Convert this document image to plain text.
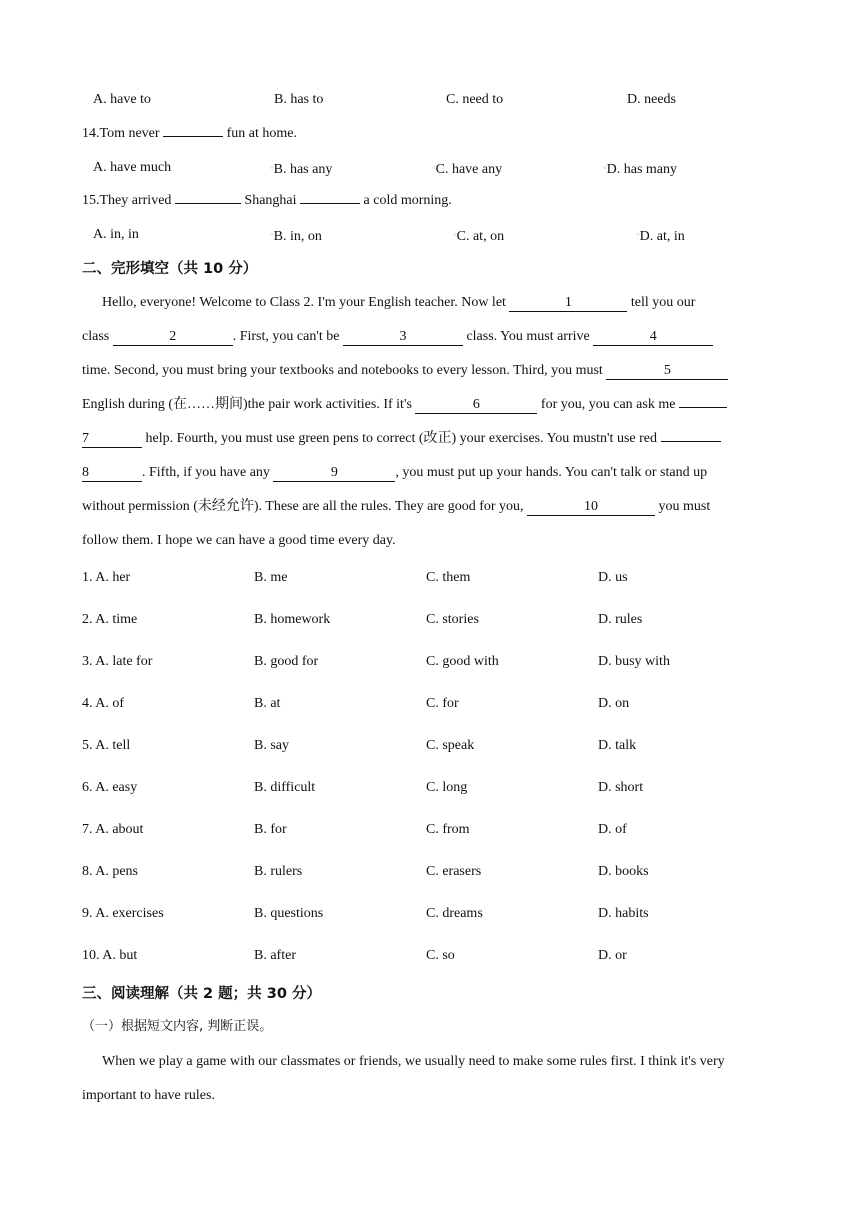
A. have to	B. has to	C. need to	D. needs
14.Tom never	fun at home.
A. have much	○B. has any	○C. have any	○D. has many
15.They arrived	Shanghai	a cold morning.
A. in, in	○B. in, on	○C. at, on	○D. at, in
二、完形填空（共 10 分）
Hello, everyone! Welcome to Class 2. I'm your English teacher. Now let	1	tell you our
class	2	. First, you can't be	3	class. You must arrive	4
time. Second, you must bring your textbooks and notebooks to every lesson. Third, you must	5
English during (在……期间)the pair work activities. If it's	6	for you, you can ask me
7	help. Fourth, you must use green pens to correct (改正) your exercises. You mustn't use red
8	. Fifth, if you have any	9	, you must put up your hands. You can't talk or stand up
without permission (未经允许). These are all the rules. They are good for you,	10	you must
follow them. I hope we can have a good time every day.
1. A. her	B. me	C. them	D. us
2. A. time	B. homework	C. stories	D. rules
3. A. late for	B. good for	C. good with	D. busy with
4. A. of	B. at	C. for	D. on
5. A. tell	B. say	C. speak	D. talk
6. A. easy	B. difficult	C. long	D. short
7. A. about	B. for	C. from	D. of
8. A. pens	B. rulers	C. erasers	D. books
9. A. exercises	B. questions	C. dreams	D. habits
10. A. but	B. after	C. so	D. or
三、阅读理解（共 2 题；共 30 分）
（一）根据短文内容, 判断正误。
When we play a game with our classmates or friends, we usually need to make some rules first. I think it's very
important to have rules.
